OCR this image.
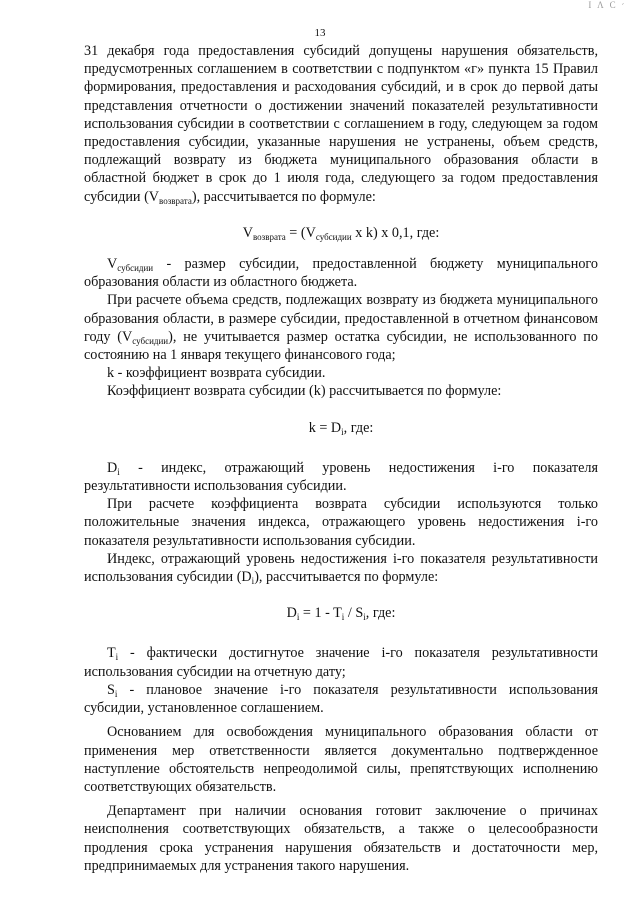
Ι Λ С ׳
13

31 декабря года предоставления субсидий допущены нарушения обязательств, предусмотренных соглашением в соответствии с подпунктом «г» пункта 15 Правил формирования, предоставления и расходования субсидий, и в срок до первой даты представления отчетности о достижении значений показателей результативности использования субсидии в соответствии с соглашением в году, следующем за годом предоставления субсидии, указанные нарушения не устранены, объем средств, подлежащий возврату из бюджета муниципального образования области в областной бюджет в срок до 1 июля года, следующего за годом предоставления субсидии $(V_{возврата})$, рассчитывается по формуле:

$V_{возврата} = (V_{субсидии}$ x k) x 0,1, где:

$V_{субсидии}$ - размер субсидии, предоставленной бюджету муниципального образования области из областного бюджета.

При расчете объема средств, подлежащих возврату из бюджета муниципального образования области, в размере субсидии, предоставленной в отчетном финансовом году $(V_{субсидии})$, не учитывается размер остатка субсидии, не использованного по состоянию на 1 января текущего финансового года;

k - коэффициент возврата субсидии.

Коэффициент возврата субсидии (k) рассчитывается по формуле:

$k = D_i$, где:

$D_i$ - индекс, отражающий уровень недостижения i-го показателя результативности использования субсидии.

При расчете коэффициента возврата субсидии используются только положительные значения индекса, отражающего уровень недостижения i-го показателя результативности использования субсидии.

Индекс, отражающий уровень недостижения i-го показателя результативности использования субсидии $(D_i)$, рассчитывается по формуле:

$D_i = 1 - T_i / S_i$, где:

$T_i$ - фактически достигнутое значение i-го показателя результативности использования субсидии на отчетную дату;

$S_i$ - плановое значение i-го показателя результативности использования субсидии, установленное соглашением.

Основанием для освобождения муниципального образования области от применения мер ответственности является документально подтвержденное наступление обстоятельств непреодолимой силы, препятствующих исполнению соответствующих обязательств.

Департамент при наличии основания готовит заключение о причинах неисполнения соответствующих обязательств, а также о целесообразности продления срока устранения нарушения обязательств и достаточности мер, предпринимаемых для устранения такого нарушения.
